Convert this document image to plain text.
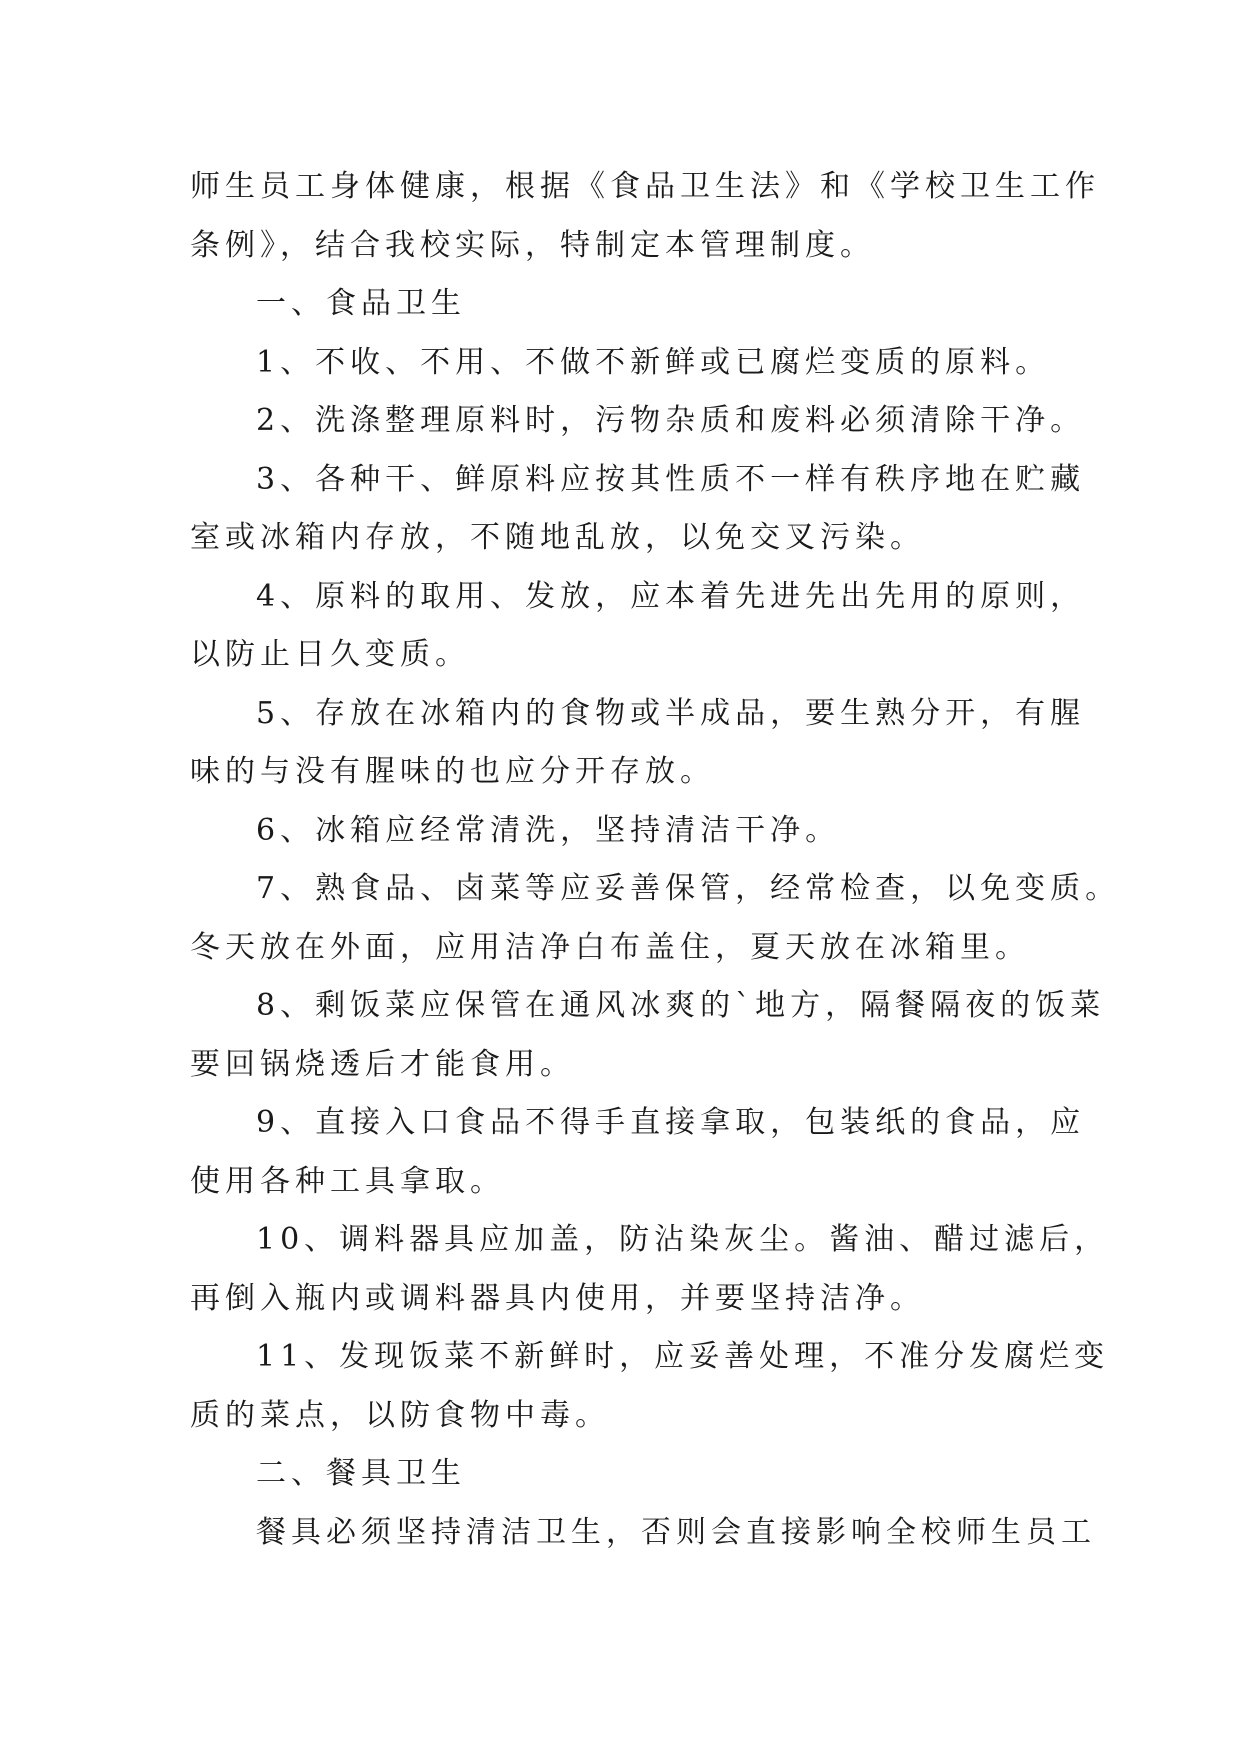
师生员工身体健康，根据《食品卫生法》和《学校卫生工作

条例》，结合我校实际，特制定本管理制度。

一、食品卫生

1、不收、不用、不做不新鲜或已腐烂变质的原料。

2、洗涤整理原料时，污物杂质和废料必须清除干净。

3、各种干、鲜原料应按其性质不一样有秩序地在贮藏

室或冰箱内存放，不随地乱放，以免交叉污染。

4、原料的取用、发放，应本着先进先出先用的原则，

以防止日久变质。

5、存放在冰箱内的食物或半成品，要生熟分开，有腥

味的与没有腥味的也应分开存放。

6、冰箱应经常清洗，坚持清洁干净。

7、熟食品、卤菜等应妥善保管，经常检查，以免变质。

冬天放在外面，应用洁净白布盖住，夏天放在冰箱里。

8、剩饭菜应保管在通风冰爽的`地方，隔餐隔夜的饭菜

要回锅烧透后才能食用。

9、直接入口食品不得手直接拿取，包装纸的食品，应

使用各种工具拿取。

10、调料器具应加盖，防沾染灰尘。酱油、醋过滤后，

再倒入瓶内或调料器具内使用，并要坚持洁净。

11、发现饭菜不新鲜时，应妥善处理，不准分发腐烂变

质的菜点，以防食物中毒。

二、餐具卫生

餐具必须坚持清洁卫生，否则会直接影响全校师生员工
